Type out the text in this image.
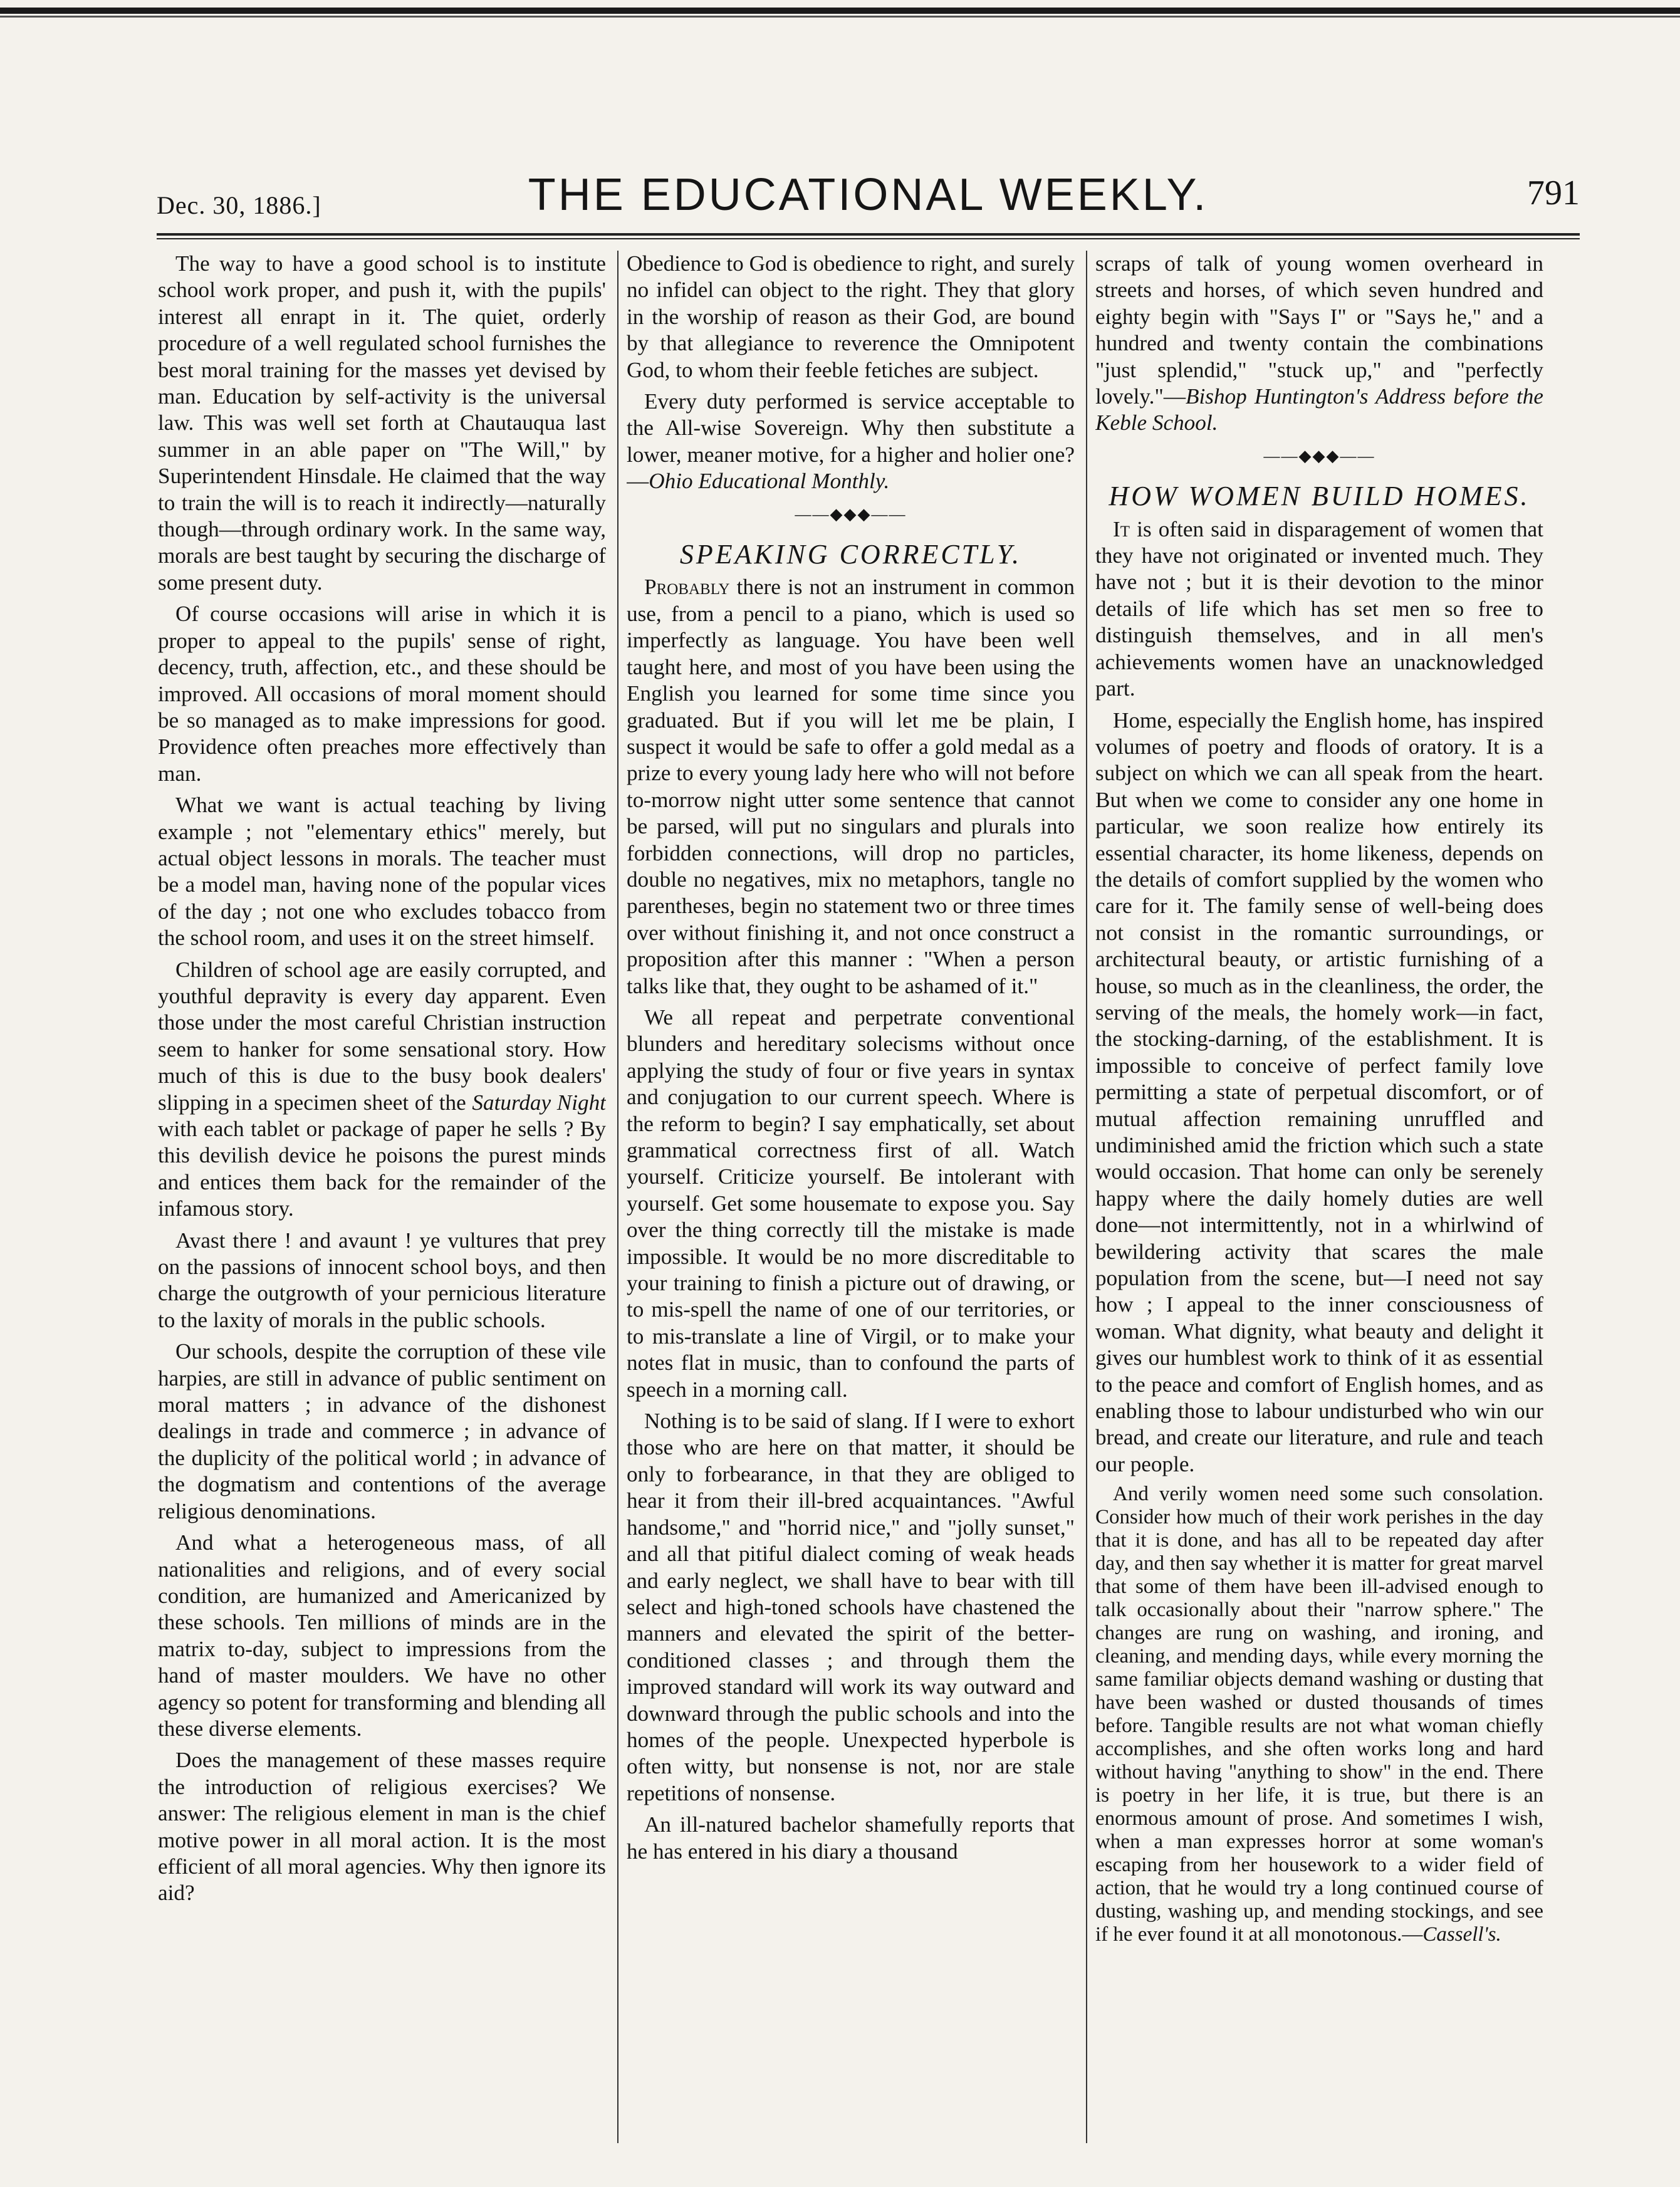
Dec. 30, 1886.]	THE EDUCATIONAL WEEKLY.	791

The way to have a good school is to institute school work proper, and push it, with the pupils' interest all enrapt in it. The quiet, orderly procedure of a well regulated school furnishes the best moral training for the masses yet devised by man. Education by self-activity is the universal law. This was well set forth at Chautauqua last summer in an able paper on "The Will," by Superintendent Hinsdale. He claimed that the way to train the will is to reach it indirectly—naturally though—through ordinary work. In the same way, morals are best taught by securing the discharge of some present duty.

Of course occasions will arise in which it is proper to appeal to the pupils' sense of right, decency, truth, affection, etc., and these should be improved. All occasions of moral moment should be so managed as to make impressions for good. Providence often preaches more effectively than man.

What we want is actual teaching by living example ; not "elementary ethics" merely, but actual object lessons in morals. The teacher must be a model man, having none of the popular vices of the day ; not one who excludes tobacco from the school room, and uses it on the street himself.

Children of school age are easily corrupted, and youthful depravity is every day apparent. Even those under the most careful Christian instruction seem to hanker for some sensational story. How much of this is due to the busy book dealers' slipping in a specimen sheet of the Saturday Night with each tablet or package of paper he sells ? By this devilish device he poisons the purest minds and entices them back for the remainder of the infamous story.

Avast there ! and avaunt ! ye vultures that prey on the passions of innocent school boys, and then charge the outgrowth of your pernicious literature to the laxity of morals in the public schools.

Our schools, despite the corruption of these vile harpies, are still in advance of public sentiment on moral matters ; in advance of the dishonest dealings in trade and commerce ; in advance of the duplicity of the political world ; in advance of the dogmatism and contentions of the average religious denominations.

And what a heterogeneous mass, of all nationalities and religions, and of every social condition, are humanized and Americanized by these schools. Ten millions of minds are in the matrix to-day, subject to impressions from the hand of master moulders. We have no other agency so potent for transforming and blending all these diverse elements.

Does the management of these masses require the introduction of religious exercises? We answer: The religious element in man is the chief motive power in all moral action. It is the most efficient of all moral agencies. Why then ignore its aid?

Obedience to God is obedience to right, and surely no infidel can object to the right. They that glory in the worship of reason as their God, are bound by that allegiance to reverence the Omnipotent God, to whom their feeble fetiches are subject.

Every duty performed is service acceptable to the All-wise Sovereign. Why then substitute a lower, meaner motive, for a higher and holier one?—Ohio Educational Monthly.

——◆◆◆——
SPEAKING CORRECTLY.

Probably there is not an instrument in common use, from a pencil to a piano, which is used so imperfectly as language. You have been well taught here, and most of you have been using the English you learned for some time since you graduated. But if you will let me be plain, I suspect it would be safe to offer a gold medal as a prize to every young lady here who will not before to-morrow night utter some sentence that cannot be parsed, will put no singulars and plurals into forbidden connections, will drop no particles, double no negatives, mix no metaphors, tangle no parentheses, begin no statement two or three times over without finishing it, and not once construct a proposition after this manner : "When a person talks like that, they ought to be ashamed of it."

We all repeat and perpetrate conventional blunders and hereditary solecisms without once applying the study of four or five years in syntax and conjugation to our current speech. Where is the reform to begin? I say emphatically, set about grammatical correctness first of all. Watch yourself. Criticize yourself. Be intolerant with yourself. Get some housemate to expose you. Say over the thing correctly till the mistake is made impossible. It would be no more discreditable to your training to finish a picture out of drawing, or to mis-spell the name of one of our territories, or to mis-translate a line of Virgil, or to make your notes flat in music, than to confound the parts of speech in a morning call.

Nothing is to be said of slang. If I were to exhort those who are here on that matter, it should be only to forbearance, in that they are obliged to hear it from their ill-bred acquaintances. "Awful handsome," and "horrid nice," and "jolly sunset," and all that pitiful dialect coming of weak heads and early neglect, we shall have to bear with till select and high-toned schools have chastened the manners and elevated the spirit of the better-conditioned classes ; and through them the improved standard will work its way outward and downward through the public schools and into the homes of the people. Unexpected hyperbole is often witty, but nonsense is not, nor are stale repetitions of nonsense.

An ill-natured bachelor shamefully reports that he has entered in his diary a thousand

scraps of talk of young women overheard in streets and horses, of which seven hundred and eighty begin with "Says I" or "Says he," and a hundred and twenty contain the combinations "just splendid," "stuck up," and "perfectly lovely."—Bishop Huntington's Address before the Keble School.

——◆◆◆——
HOW WOMEN BUILD HOMES.

It is often said in disparagement of women that they have not originated or invented much. They have not ; but it is their devotion to the minor details of life which has set men so free to distinguish themselves, and in all men's achievements women have an unacknowledged part.

Home, especially the English home, has inspired volumes of poetry and floods of oratory. It is a subject on which we can all speak from the heart. But when we come to consider any one home in particular, we soon realize how entirely its essential character, its home likeness, depends on the details of comfort supplied by the women who care for it. The family sense of well-being does not consist in the romantic surroundings, or architectural beauty, or artistic furnishing of a house, so much as in the cleanliness, the order, the serving of the meals, the homely work—in fact, the stocking-darning, of the establishment. It is impossible to conceive of perfect family love permitting a state of perpetual discomfort, or of mutual affection remaining unruffled and undiminished amid the friction which such a state would occasion. That home can only be serenely happy where the daily homely duties are well done—not intermittently, not in a whirlwind of bewildering activity that scares the male population from the scene, but—I need not say how ; I appeal to the inner consciousness of woman. What dignity, what beauty and delight it gives our humblest work to think of it as essential to the peace and comfort of English homes, and as enabling those to labour undisturbed who win our bread, and create our literature, and rule and teach our people.

And verily women need some such consolation. Consider how much of their work perishes in the day that it is done, and has all to be repeated day after day, and then say whether it is matter for great marvel that some of them have been ill-advised enough to talk occasionally about their "narrow sphere." The changes are rung on washing, and ironing, and cleaning, and mending days, while every morning the same familiar objects demand washing or dusting that have been washed or dusted thousands of times before. Tangible results are not what woman chiefly accomplishes, and she often works long and hard without having "anything to show" in the end. There is poetry in her life, it is true, but there is an enormous amount of prose. And sometimes I wish, when a man expresses horror at some woman's escaping from her housework to a wider field of action, that he would try a long continued course of dusting, washing up, and mending stockings, and see if he ever found it at all monotonous.—Cassell's.
